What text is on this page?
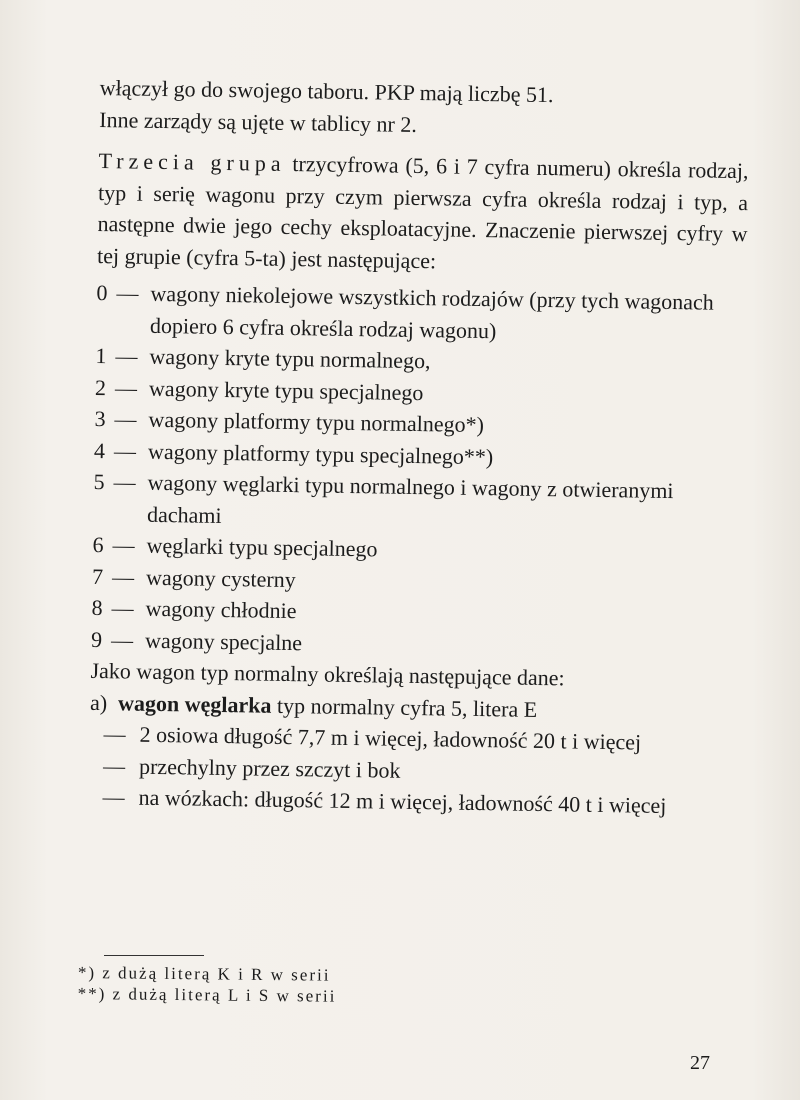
włączył go do swojego taboru. PKP mają liczbę 51.
Inne zarządy są ujęte w tablicy nr 2.

Trzecia grupa trzycyfrowa (5, 6 i 7 cyfra numeru) określa rodzaj, typ i serię wagonu przy czym pierwsza cyfra określa rodzaj i typ, a następne dwie jego cechy eksploatacyjne. Znaczenie pierwszej cyfry w tej grupie (cyfra 5-ta) jest następujące:

0 — wagony niekolejowe wszystkich rodzajów (przy tych wagonach dopiero 6 cyfra określa rodzaj wagonu)
1 — wagony kryte typu normalnego,
2 — wagony kryte typu specjalnego
3 — wagony platformy typu normalnego*)
4 — wagony platformy typu specjalnego**)
5 — wagony węglarki typu normalnego i wagony z otwieranymi dachami
6 — węglarki typu specjalnego
7 — wagony cysterny
8 — wagony chłodnie
9 — wagony specjalne

Jako wagon typ normalny określają następujące dane:

a) wagon węglarka typ normalny cyfra 5, litera E
— 2 osiowa długość 7,7 m i więcej, ładowność 20 t i więcej
— przechylny przez szczyt i bok
— na wózkach: długość 12 m i więcej, ładowność 40 t i więcej
*) z dużą literą K i R w serii
**) z dużą literą L i S w serii
27
